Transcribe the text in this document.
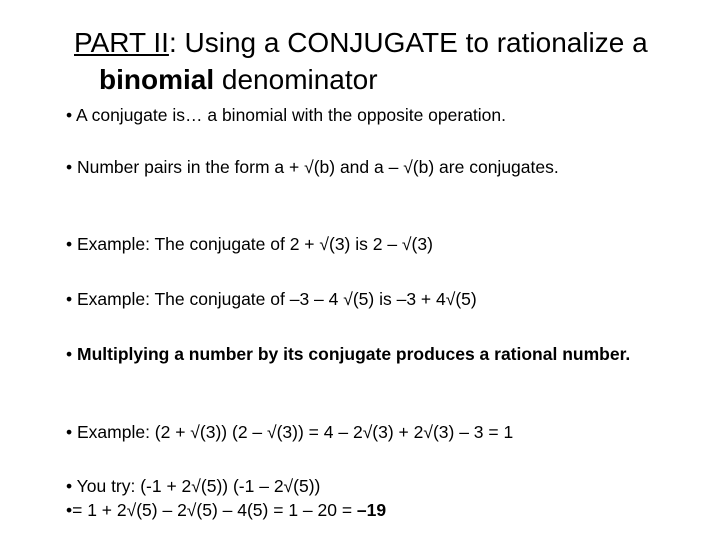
PART II: Using a CONJUGATE to rationalize a
binomial denominator

• A conjugate is… a binomial with the opposite operation.

• Number pairs in the form a + √(b) and a – √(b) are conjugates.

• Example: The conjugate of 2 + √(3) is 2 – √(3)

• Example: The conjugate of –3 – 4 √(5) is –3 + 4√(5)

• Multiplying a number by its conjugate produces a rational number.

• Example: (2 + √(3)) (2 – √(3)) = 4 – 2√(3) + 2√(3) – 3 = 1

• You try: (-1 + 2√(5)) (-1 – 2√(5))
•= 1 + 2√(5) – 2√(5) – 4(5) = 1 – 20 = –19
